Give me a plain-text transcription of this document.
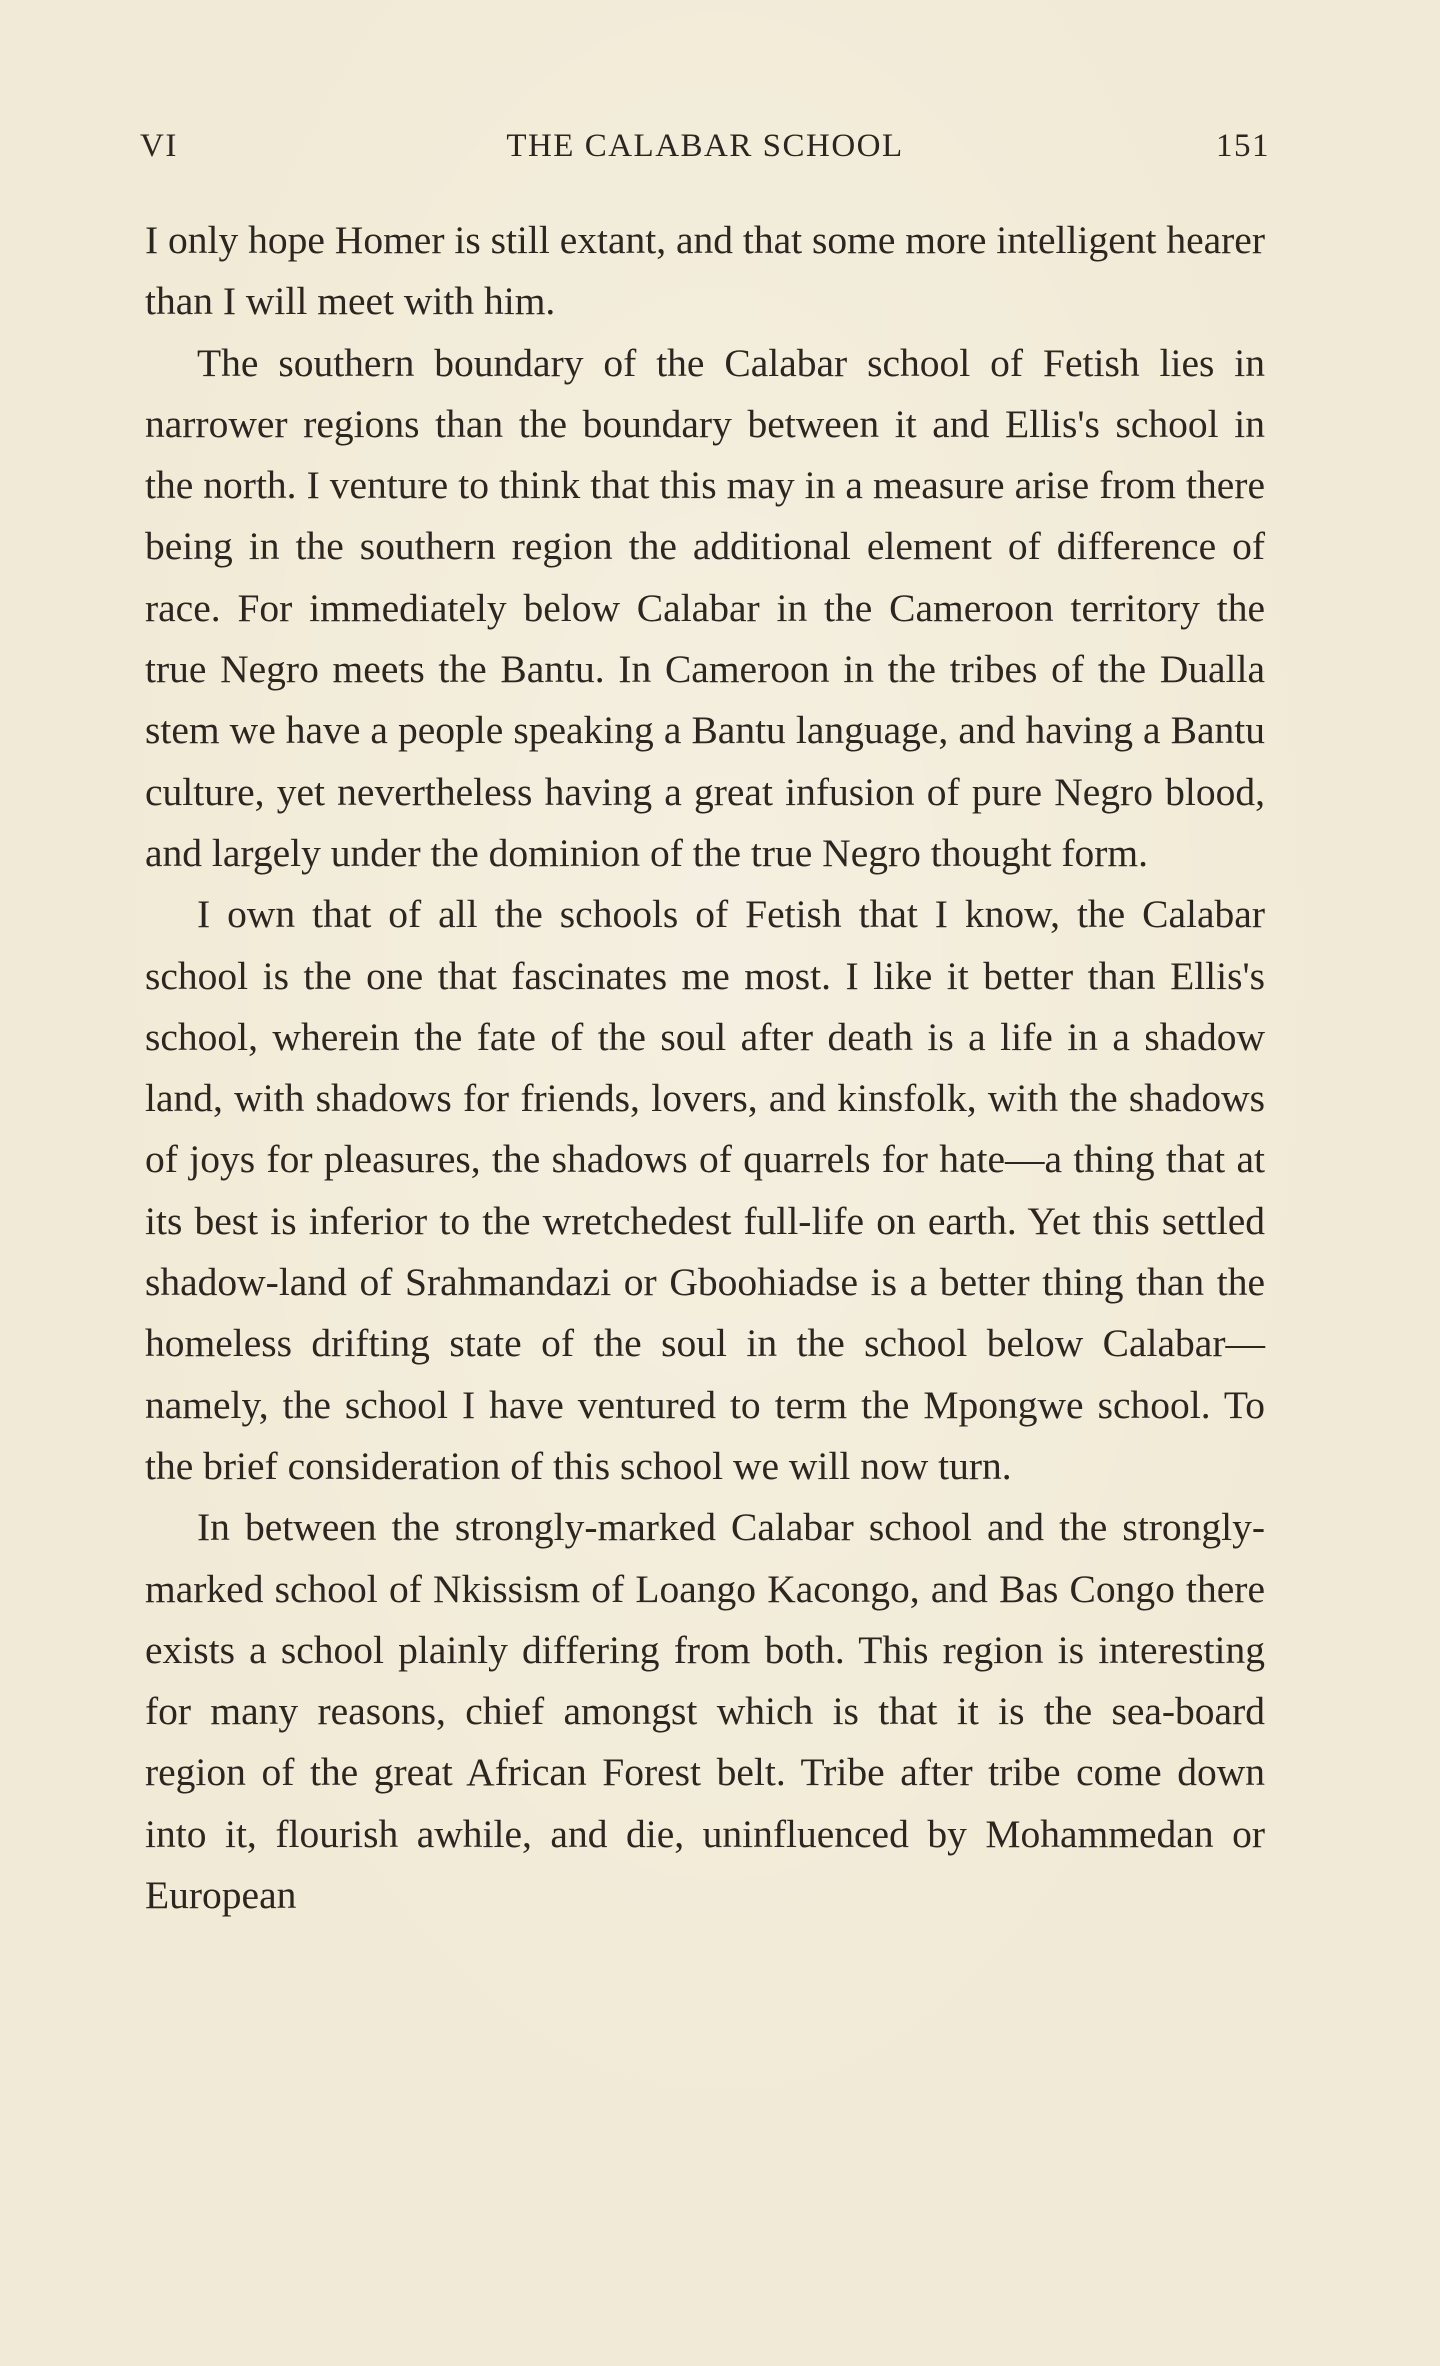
VI	THE CALABAR SCHOOL	151

I only hope Homer is still extant, and that some more intelligent hearer than I will meet with him.

The southern boundary of the Calabar school of Fetish lies in narrower regions than the boundary between it and Ellis's school in the north. I venture to think that this may in a measure arise from there being in the southern region the additional element of difference of race. For immediately below Calabar in the Cameroon territory the true Negro meets the Bantu. In Cameroon in the tribes of the Dualla stem we have a people speaking a Bantu language, and having a Bantu culture, yet nevertheless having a great infusion of pure Negro blood, and largely under the dominion of the true Negro thought form.

I own that of all the schools of Fetish that I know, the Calabar school is the one that fascinates me most. I like it better than Ellis's school, wherein the fate of the soul after death is a life in a shadow land, with shadows for friends, lovers, and kinsfolk, with the shadows of joys for pleasures, the shadows of quarrels for hate—a thing that at its best is inferior to the wretchedest full-life on earth. Yet this settled shadow-land of Srahmandazi or Gboohiadse is a better thing than the homeless drifting state of the soul in the school below Calabar—namely, the school I have ventured to term the Mpongwe school. To the brief consideration of this school we will now turn.

In between the strongly-marked Calabar school and the strongly-marked school of Nkissism of Loango Kacongo, and Bas Congo there exists a school plainly differing from both. This region is interesting for many reasons, chief amongst which is that it is the sea-board region of the great African Forest belt. Tribe after tribe come down into it, flourish awhile, and die, uninfluenced by Mohammedan or European
